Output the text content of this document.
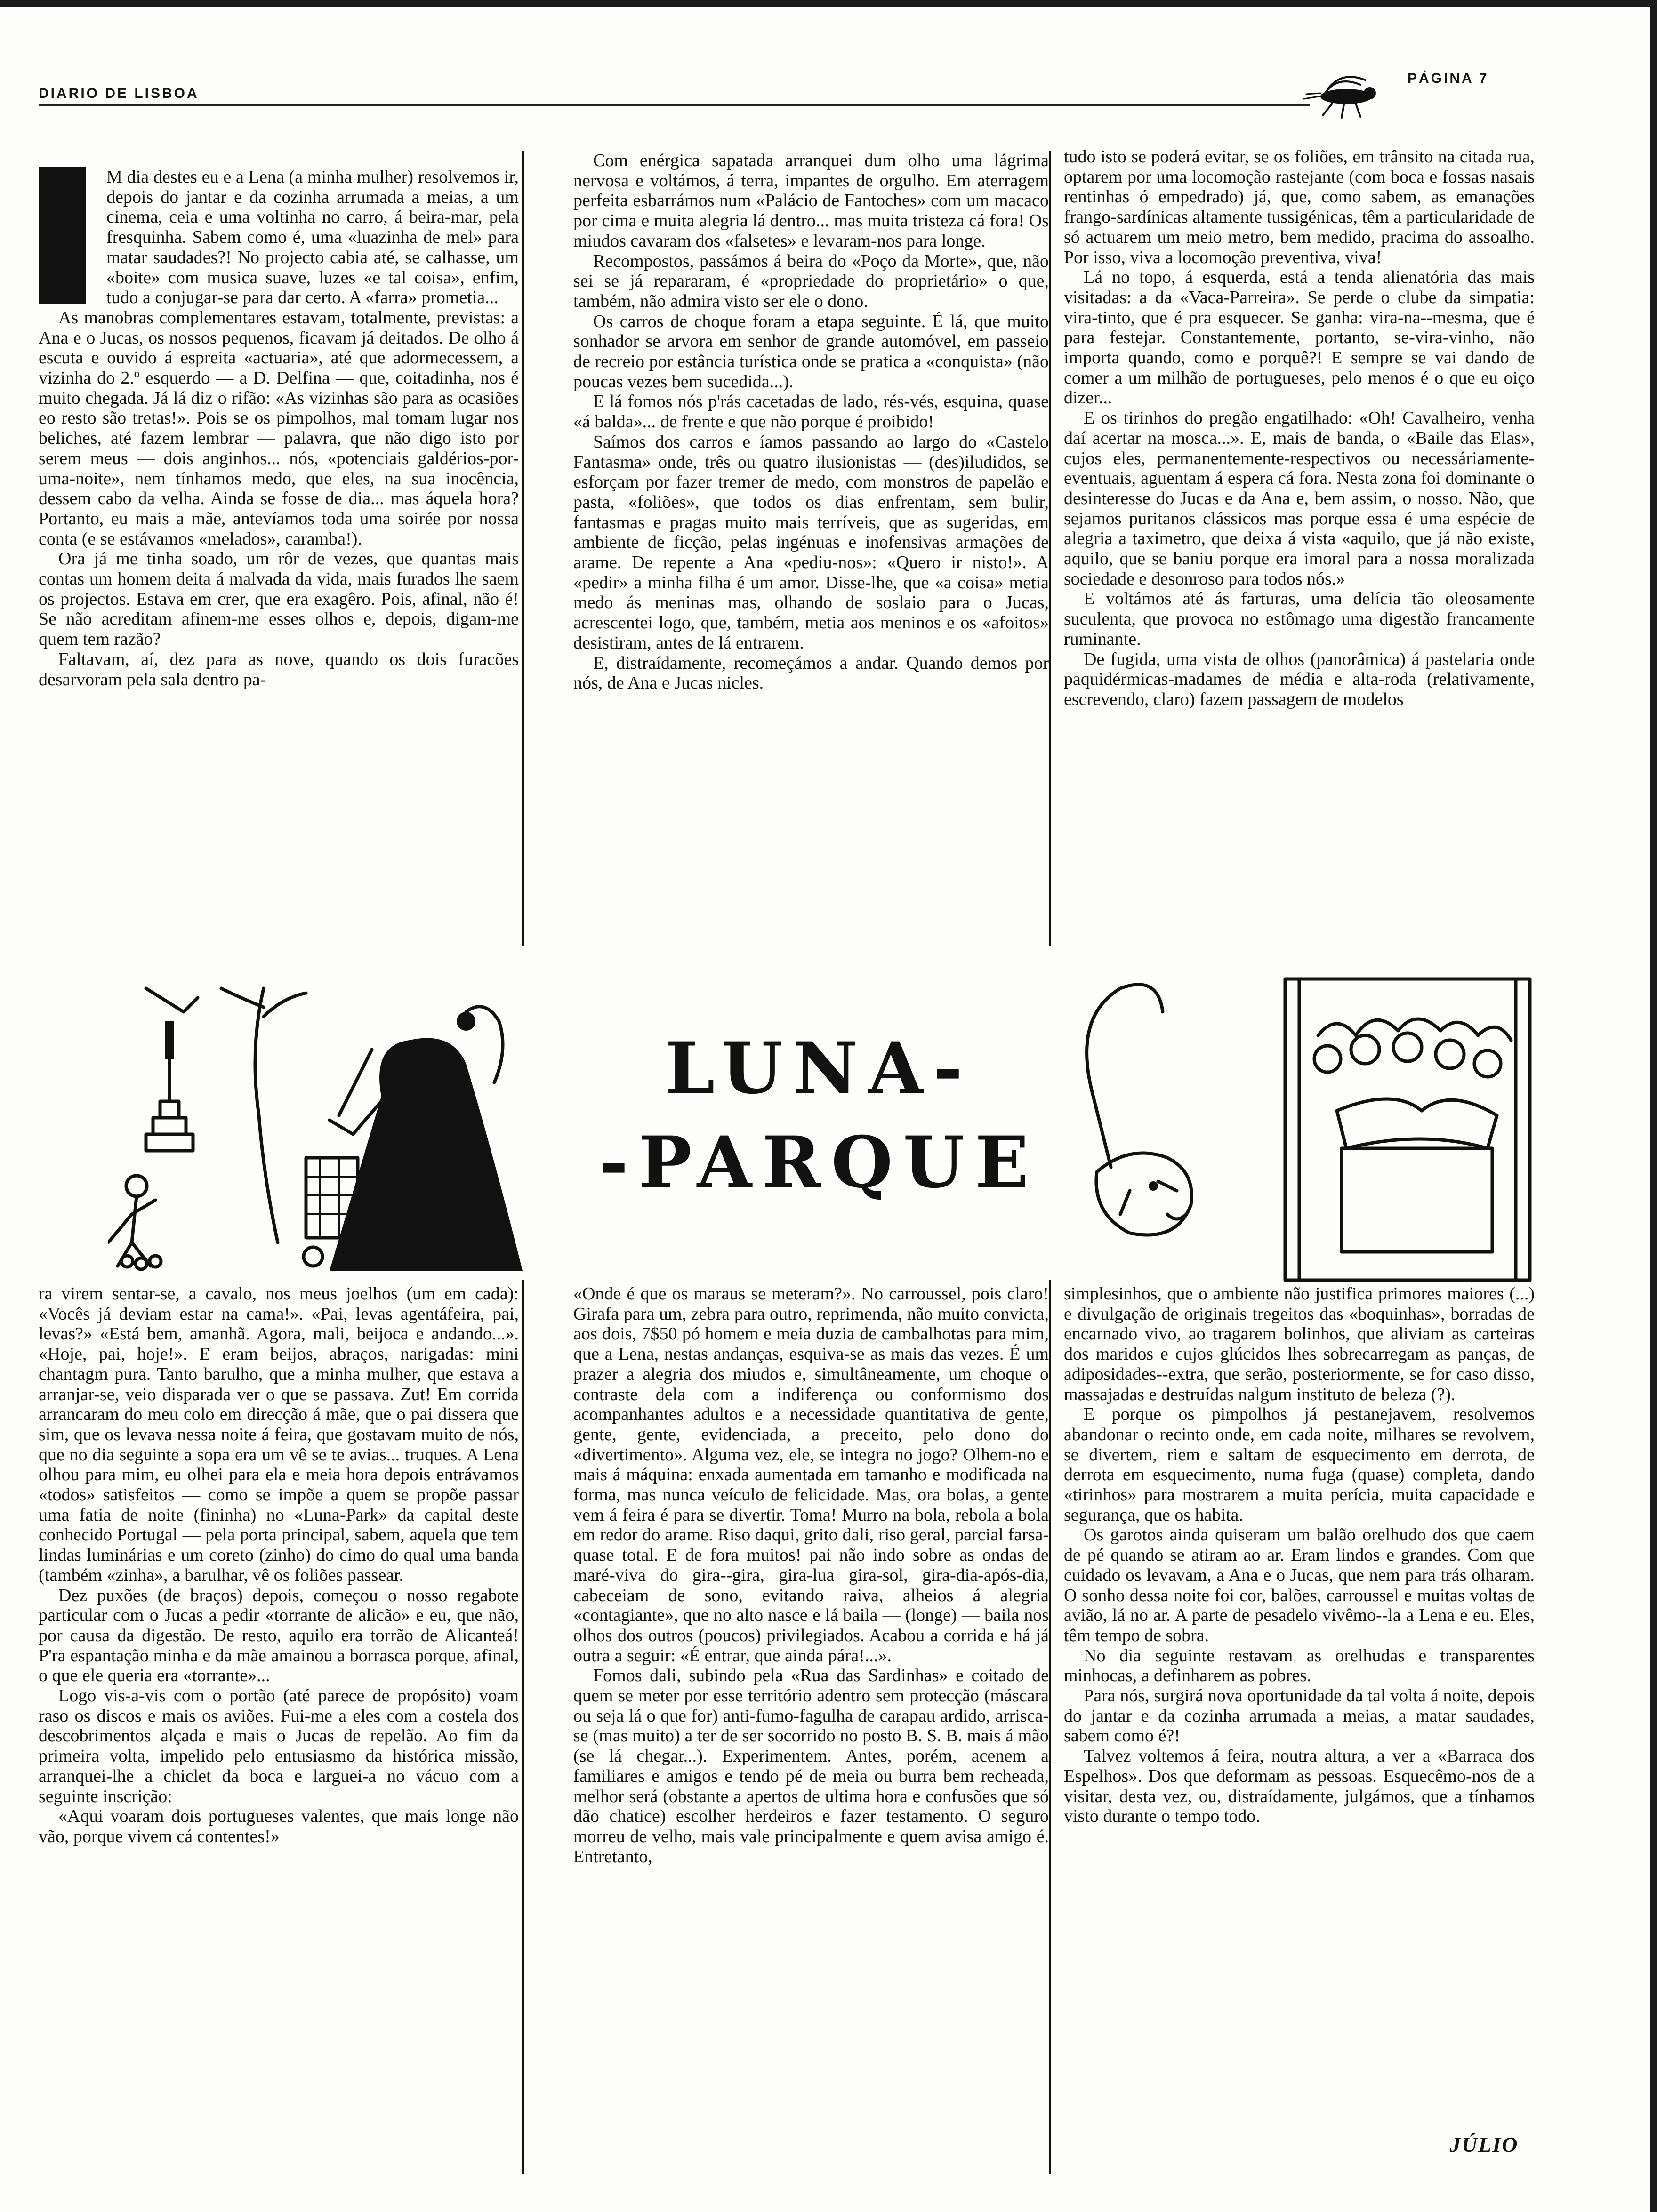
DIARIO DE LISBOA
PÁGINA 7

M dia destes eu e a Lena (a minha mulher) resolvemos ir, depois do jantar e da cozinha arrumada a meias, a um cinema, ceia e uma voltinha no carro, á beira-mar, pela fresquinha. Sabem como é, uma «luazinha de mel» para matar saudades?! No projecto cabia até, se calhasse, um «boite» com musica suave, luzes «e tal coisa», enfim, tudo a conjugar-se para dar certo. A «farra» prometia...

As manobras complementares estavam, totalmente, previstas: a Ana e o Jucas, os nossos pequenos, ficavam já deitados. De olho á escuta e ouvido á espreita «actuaria», até que adormecessem, a vizinha do 2.º esquerdo — a D. Delfina — que, coitadinha, nos é muito chegada. Já lá diz o rifão: «As vizinhas são para as ocasiões eo resto são tretas!». Pois se os pimpolhos, mal tomam lugar nos beliches, até fazem lembrar — palavra, que não digo isto por serem meus — dois anginhos... nós, «potenciais galdérios-por-uma-noite», nem tínhamos medo, que eles, na sua inocência, dessem cabo da velha. Ainda se fosse de dia... mas áquela hora? Portanto, eu mais a mãe, antevíamos toda uma soirée por nossa conta (e se estávamos «melados», caramba!).

Ora já me tinha soado, um rôr de vezes, que quantas mais contas um homem deita á malvada da vida, mais furados lhe saem os projectos. Estava em crer, que era exagêro. Pois, afinal, não é! Se não acreditam afinem-me esses olhos e, depois, digam-me quem tem razão?

Faltavam, aí, dez para as nove, quando os dois furacões desarvoram pela sala dentro pa-

Com enérgica sapatada arranquei dum olho uma lágrima nervosa e voltámos, á terra, impantes de orgulho. Em aterragem perfeita esbarrámos num «Palácio de Fantoches» com um macaco por cima e muita alegria lá dentro... mas muita tristeza cá fora! Os miudos cavaram dos «falsetes» e levaram-nos para longe.

Recompostos, passámos á beira do «Poço da Morte», que, não sei se já repararam, é «propriedade do proprietário» o que, também, não admira visto ser ele o dono.

Os carros de choque foram a etapa seguinte. É lá, que muito sonhador se arvora em senhor de grande automóvel, em passeio de recreio por estância turística onde se pratica a «conquista» (não poucas vezes bem sucedida...).

E lá fomos nós p'rás cacetadas de lado, rés-vés, esquina, quase «á balda»... de frente e que não porque é proibido!

Saímos dos carros e íamos passando ao largo do «Castelo Fantasma» onde, três ou quatro ilusionistas — (des)iludidos, se esforçam por fazer tremer de medo, com monstros de papelão e pasta, «foliões», que todos os dias enfrentam, sem bulir, fantasmas e pragas muito mais terríveis, que as sugeridas, em ambiente de ficção, pelas ingénuas e inofensivas armações de arame. De repente a Ana «pediu-nos»: «Quero ir nisto!». A «pedir» a minha filha é um amor. Disse-lhe, que «a coisa» metia medo ás meninas mas, olhando de soslaio para o Jucas, acrescentei logo, que, também, metia aos meninos e os «afoitos» desistiram, antes de lá entrarem.

E, distraídamente, recomeçámos a andar. Quando demos por nós, de Ana e Jucas nicles.

tudo isto se poderá evitar, se os foliões, em trânsito na citada rua, optarem por uma locomoção rastejante (com boca e fossas nasais rentinhas ó empedrado) já, que, como sabem, as emanações frango-sardínicas altamente tussigénicas, têm a particularidade de só actuarem um meio metro, bem medido, pracima do assoalho. Por isso, viva a locomoção preventiva, viva!

Lá no topo, á esquerda, está a tenda alienatória das mais visitadas: a da «Vaca-Parreira». Se perde o clube da simpatia: vira-tinto, que é pra esquecer. Se ganha: vira-na--mesma, que é para festejar. Constantemente, portanto, se-vira-vinho, não importa quando, como e porquê?! E sempre se vai dando de comer a um milhão de portugueses, pelo menos é o que eu oiço dizer...

E os tirinhos do pregão engatilhado: «Oh! Cavalheiro, venha daí acertar na mosca...». E, mais de banda, o «Baile das Elas», cujos eles, permanentemente-respectivos ou necessáriamente-eventuais, aguentam á espera cá fora. Nesta zona foi dominante o desinteresse do Jucas e da Ana e, bem assim, o nosso. Não, que sejamos puritanos clássicos mas porque essa é uma espécie de alegria a taximetro, que deixa á vista «aquilo, que já não existe, aquilo, que se baniu porque era imoral para a nossa moralizada sociedade e desonroso para todos nós.»

E voltámos até ás farturas, uma delícia tão oleosamente suculenta, que provoca no estômago uma digestão francamente ruminante.

De fugida, uma vista de olhos (panorâmica) á pastelaria onde paquidérmicas-madames de média e alta-roda (relativamente, escrevendo, claro) fazem passagem de modelos

LUNA-
-PARQUE

ra virem sentar-se, a cavalo, nos meus joelhos (um em cada): «Vocês já deviam estar na cama!». «Pai, levas agentáfeira, pai, levas?» «Está bem, amanhã. Agora, mali, beijoca e andando...». «Hoje, pai, hoje!». E eram beijos, abraços, narigadas: mini chantagm pura. Tanto barulho, que a minha mulher, que estava a arranjar-se, veio disparada ver o que se passava. Zut! Em corrida arrancaram do meu colo em direcção á mãe, que o pai dissera que sim, que os levava nessa noite á feira, que gostavam muito de nós, que no dia seguinte a sopa era um vê se te avias... truques. A Lena olhou para mim, eu olhei para ela e meia hora depois entrávamos «todos» satisfeitos — como se impõe a quem se propõe passar uma fatia de noite (fininha) no «Luna-Park» da capital deste conhecido Portugal — pela porta principal, sabem, aquela que tem lindas luminárias e um coreto (zinho) do cimo do qual uma banda (também «zinha», a barulhar, vê os foliões passear.

Dez puxões (de braços) depois, começou o nosso regabote particular com o Jucas a pedir «torrante de alicão» e eu, que não, por causa da digestão. De resto, aquilo era torrão de Alicanteá! P'ra espantação minha e da mãe amainou a borrasca porque, afinal, o que ele queria era «torrante»...

Logo vis-a-vis com o portão (até parece de propósito) voam raso os discos e mais os aviões. Fui-me a eles com a costela dos descobrimentos alçada e mais o Jucas de repelão. Ao fim da primeira volta, impelido pelo entusiasmo da histórica missão, arranquei-lhe a chiclet da boca e larguei-a no vácuo com a seguinte inscrição:

«Aqui voaram dois portugueses valentes, que mais longe não vão, porque vivem cá contentes!»

«Onde é que os maraus se meteram?». No carroussel, pois claro! Girafa para um, zebra para outro, reprimenda, não muito convicta, aos dois, 7$50 pó homem e meia duzia de cambalhotas para mim, que a Lena, nestas andanças, esquiva-se as mais das vezes. É um prazer a alegria dos miudos e, simultâneamente, um choque o contraste dela com a indiferença ou conformismo dos acompanhantes adultos e a necessidade quantitativa de gente, gente, gente, evidenciada, a preceito, pelo dono do «divertimento». Alguma vez, ele, se integra no jogo? Olhem-no e mais á máquina: enxada aumentada em tamanho e modificada na forma, mas nunca veículo de felicidade. Mas, ora bolas, a gente vem á feira é para se divertir. Toma! Murro na bola, rebola a bola em redor do arame. Riso daqui, grito dali, riso geral, parcial farsa-quase total. E de fora muitos! pai não indo sobre as ondas de maré-viva do gira--gira, gira-lua gira-sol, gira-dia-após-dia, cabeceiam de sono, evitando raiva, alheios á alegria «contagiante», que no alto nasce e lá baila — (longe) — baila nos olhos dos outros (poucos) privilegiados. Acabou a corrida e há já outra a seguir: «É entrar, que ainda pára!...».

Fomos dali, subindo pela «Rua das Sardinhas» e coitado de quem se meter por esse território adentro sem protecção (máscara ou seja lá o que for) anti-fumo-fagulha de carapau ardido, arrisca-se (mas muito) a ter de ser socorrido no posto B. S. B. mais á mão (se lá chegar...). Experimentem. Antes, porém, acenem a familiares e amigos e tendo pé de meia ou burra bem recheada, melhor será (obstante a apertos de ultima hora e confusões que só dão chatice) escolher herdeiros e fazer testamento. O seguro morreu de velho, mais vale principalmente e quem avisa amigo é. Entretanto,

simplesinhos, que o ambiente não justifica primores maiores (...) e divulgação de originais tregeitos das «boquinhas», borradas de encarnado vivo, ao tragarem bolinhos, que aliviam as carteiras dos maridos e cujos glúcidos lhes sobrecarregam as panças, de adiposidades--extra, que serão, posteriormente, se for caso disso, massajadas e destruídas nalgum instituto de beleza (?).

E porque os pimpolhos já pestanejavem, resolvemos abandonar o recinto onde, em cada noite, milhares se revolvem, se divertem, riem e saltam de esquecimento em derrota, de derrota em esquecimento, numa fuga (quase) completa, dando «tirinhos» para mostrarem a muita perícia, muita capacidade e segurança, que os habita.

Os garotos ainda quiseram um balão orelhudo dos que caem de pé quando se atiram ao ar. Eram lindos e grandes. Com que cuidado os levavam, a Ana e o Jucas, que nem para trás olharam. O sonho dessa noite foi cor, balões, carroussel e muitas voltas de avião, lá no ar. A parte de pesadelo vivêmo--la a Lena e eu. Eles, têm tempo de sobra.

No dia seguinte restavam as orelhudas e transparentes minhocas, a definharem as pobres.

Para nós, surgirá nova oportunidade da tal volta á noite, depois do jantar e da cozinha arrumada a meias, a matar saudades, sabem como é?!

Talvez voltemos á feira, noutra altura, a ver a «Barraca dos Espelhos». Dos que deformam as pessoas. Esquecêmo-nos de a visitar, desta vez, ou, distraídamente, julgámos, que a tínhamos visto durante o tempo todo.

JÚLIO
